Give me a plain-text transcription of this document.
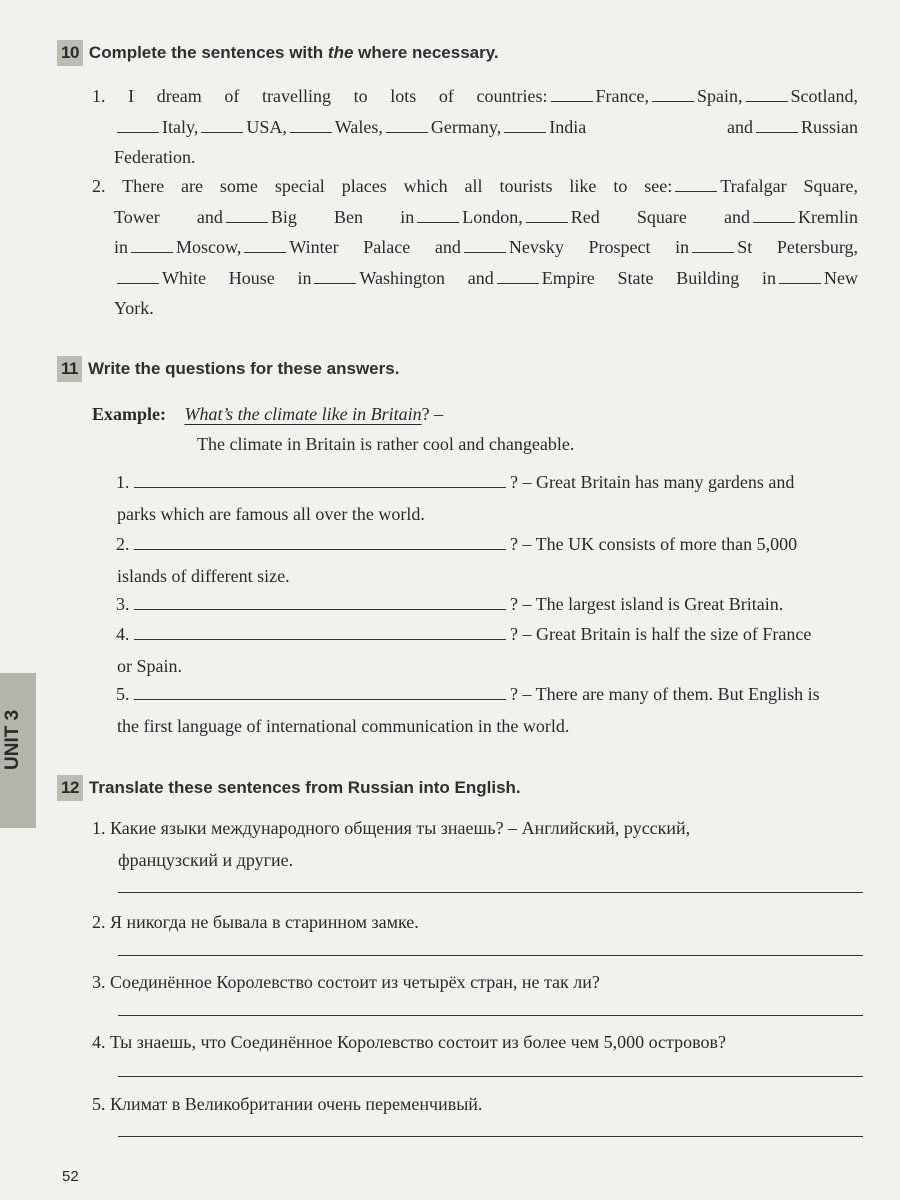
10 Complete the sentences with the where necessary.
1. I dream of travelling to lots of countries:	France,	Spain,	Scotland,
Italy,	USA,	Wales,	Germany,	India and	Russian
Federation.
2. There are some special places which all tourists like to see:	Trafalgar Square,
Tower and	Big Ben in	London,	Red Square and	Kremlin
in	Moscow,	Winter Palace and	Nevsky Prospect in	St Petersburg,
White House in	Washington and	Empire State Building in	New
York.
11 Write the questions for these answers.
Example: What’s the climate like in Britain? –
The climate in Britain is rather cool and changeable.
1.	? – Great Britain has many gardens and
parks which are famous all over the world.
2.	? – The UK consists of more than 5,000
islands of different size.
3.	? – The largest island is Great Britain.
4.	? – Great Britain is half the size of France
or Spain.
5.	? – There are many of them. But English is
the first language of international communication in the world.
UNIT 3
12 Translate these sentences from Russian into English.
1. Какие языки международного общения ты знаешь? – Английский, русский,
французский и другие.
2. Я никогда не бывала в старинном замке.
3. Соединённое Королевство состоит из четырёх стран, не так ли?
4. Ты знаешь, что Соединённое Королевство состоит из более чем 5,000 островов?
5. Климат в Великобритании очень переменчивый.
52
